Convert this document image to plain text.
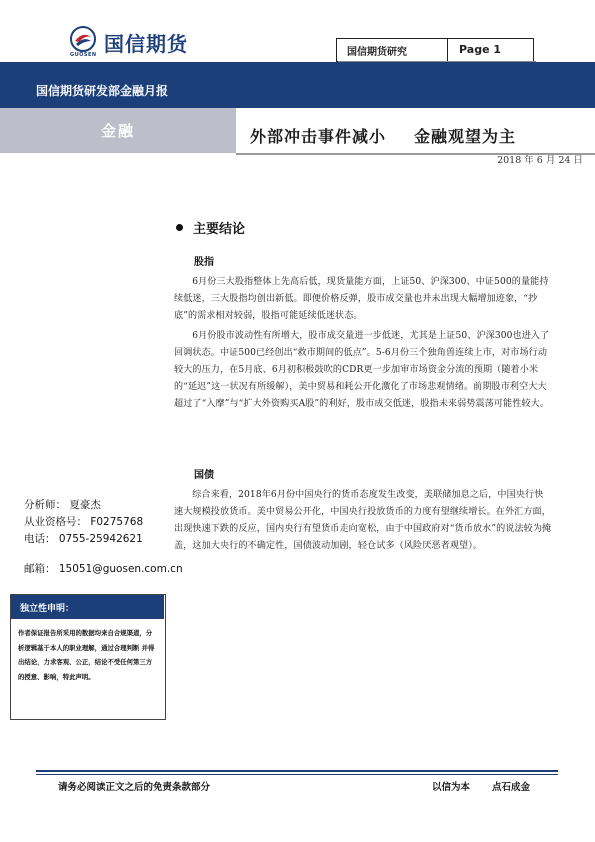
国信期货
GUOSEN	国信期货研究	Page 1
国信期货研发部金融月报
金融	外部冲击事件减小 金融观望为主
2018 年 6 月 24 日
主要结论
股指

6月份三大股指整体上先高后低，现货量能方面，上证50、沪深300、中证500的量能持续低迷，三大股指均创出新低。即便价格反弹，股市成交量也并未出现大幅增加迹象，“抄底”的需求相对较弱，股指可能延续低迷状态。

6月份股市波动性有所增大，股市成交量进一步低迷，尤其是上证50、沪深300也进入了回调状态。中证500已经创出“救市期间的低点”。5-6月份三个独角兽连续上市，对市场行动较大的压力，在5月底、6月初积极鼓吹的CDR更一步加审市场资金分流的预期（随着小米的“延迟”这一状况有所缓解），美中贸易和耗公开化激化了市场悲观情绪。前期股市利空大大超过了“入摩”与“扩大外资购买A股”的利好，股市成交低迷，股指未来弱势震荡可能性较大。

国债

综合来看，2018年6月份中国央行的货币态度发生改变，美联储加息之后，中国央行快速大规模投放货币。美中贸易公开化，中国央行投放货币的力度有望继续增长。在外汇方面，出现快速下跌的反应，国内央行有望货币走向宽松，由于中国政府对“货币放水”的说法较为掩盖，这加大央行的不确定性，国债波动加剧，轻仓试多（风险厌恶者观望）。

分析师： 夏豪杰
从业资格号： F0275768
电话： 0755-25942621
邮箱： 15051@guosen.com.cn
独立性申明：

作者保证报告所采用的数据均来自合规渠道，分析逻辑基于本人的职业理解，通过合理判断 并得出结论，力求客观、公正，结论不受任何第三方的授意、影响，特此声明。

请务必阅读正文之后的免责条款部分	以信为本 点石成金
